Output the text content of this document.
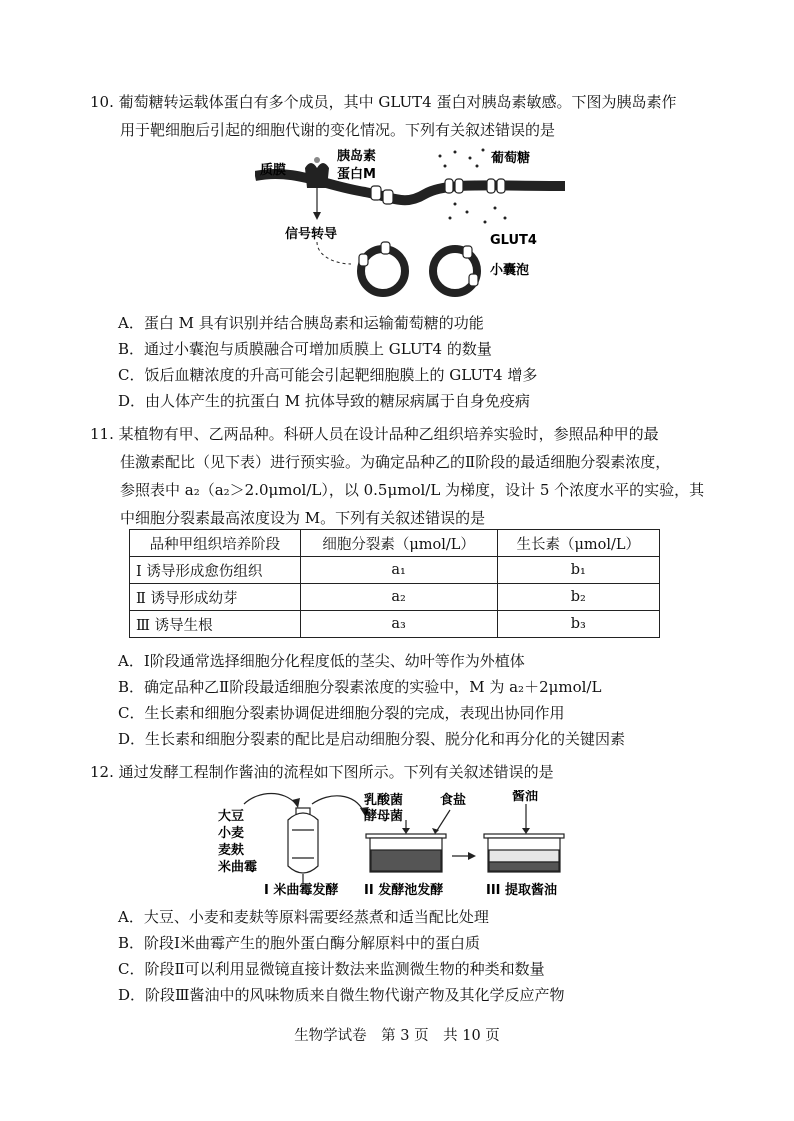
10. 葡萄糖转运载体蛋白有多个成员，其中 GLUT4 蛋白对胰岛素敏感。下图为胰岛素作

用于靶细胞后引起的细胞代谢的变化情况。下列有关叙述错误的是

质膜
胰岛素
蛋白M
葡萄糖
信号转导	GLUT4
小囊泡
A．蛋白 M 具有识别并结合胰岛素和运输葡萄糖的功能
B．通过小囊泡与质膜融合可增加质膜上 GLUT4 的数量
C．饭后血糖浓度的升高可能会引起靶细胞膜上的 GLUT4 增多
D．由人体产生的抗蛋白 M 抗体导致的糖尿病属于自身免疫病

11. 某植物有甲、乙两品种。科研人员在设计品种乙组织培养实验时，参照品种甲的最

佳激素配比（见下表）进行预实验。为确定品种乙的Ⅱ阶段的最适细胞分裂素浓度，
参照表中 a₂（a₂＞2.0μmol/L），以 0.5μmol/L 为梯度，设计 5 个浓度水平的实验，其
中细胞分裂素最高浓度设为 M。下列有关叙述错误的是

品种甲组织培养阶段	细胞分裂素（μmol/L）	生长素（μmol/L）
Ⅰ 诱导形成愈伤组织	a₁	b₁
Ⅱ 诱导形成幼芽	a₂	b₂
Ⅲ 诱导生根	a₃	b₃
A．Ⅰ阶段通常选择细胞分化程度低的茎尖、幼叶等作为外植体
B．确定品种乙Ⅱ阶段最适细胞分裂素浓度的实验中，M 为 a₂＋2μmol/L
C．生长素和细胞分裂素协调促进细胞分裂的完成，表现出协同作用
D．生长素和细胞分裂素的配比是启动细胞分裂、脱分化和再分化的关键因素

12. 通过发酵工程制作酱油的流程如下图所示。下列有关叙述错误的是

大豆
小麦
麦麸
米曲霉
乳酸菌
酵母菌
食盐	酱油
I 米曲霉发酵 II 发酵池发酵	III 提取酱油
A．大豆、小麦和麦麸等原料需要经蒸煮和适当配比处理
B．阶段Ⅰ米曲霉产生的胞外蛋白酶分解原料中的蛋白质
C．阶段Ⅱ可以利用显微镜直接计数法来监测微生物的种类和数量
D．阶段Ⅲ酱油中的风味物质来自微生物代谢产物及其化学反应产物
生物学试卷　第 3 页　共 10 页
